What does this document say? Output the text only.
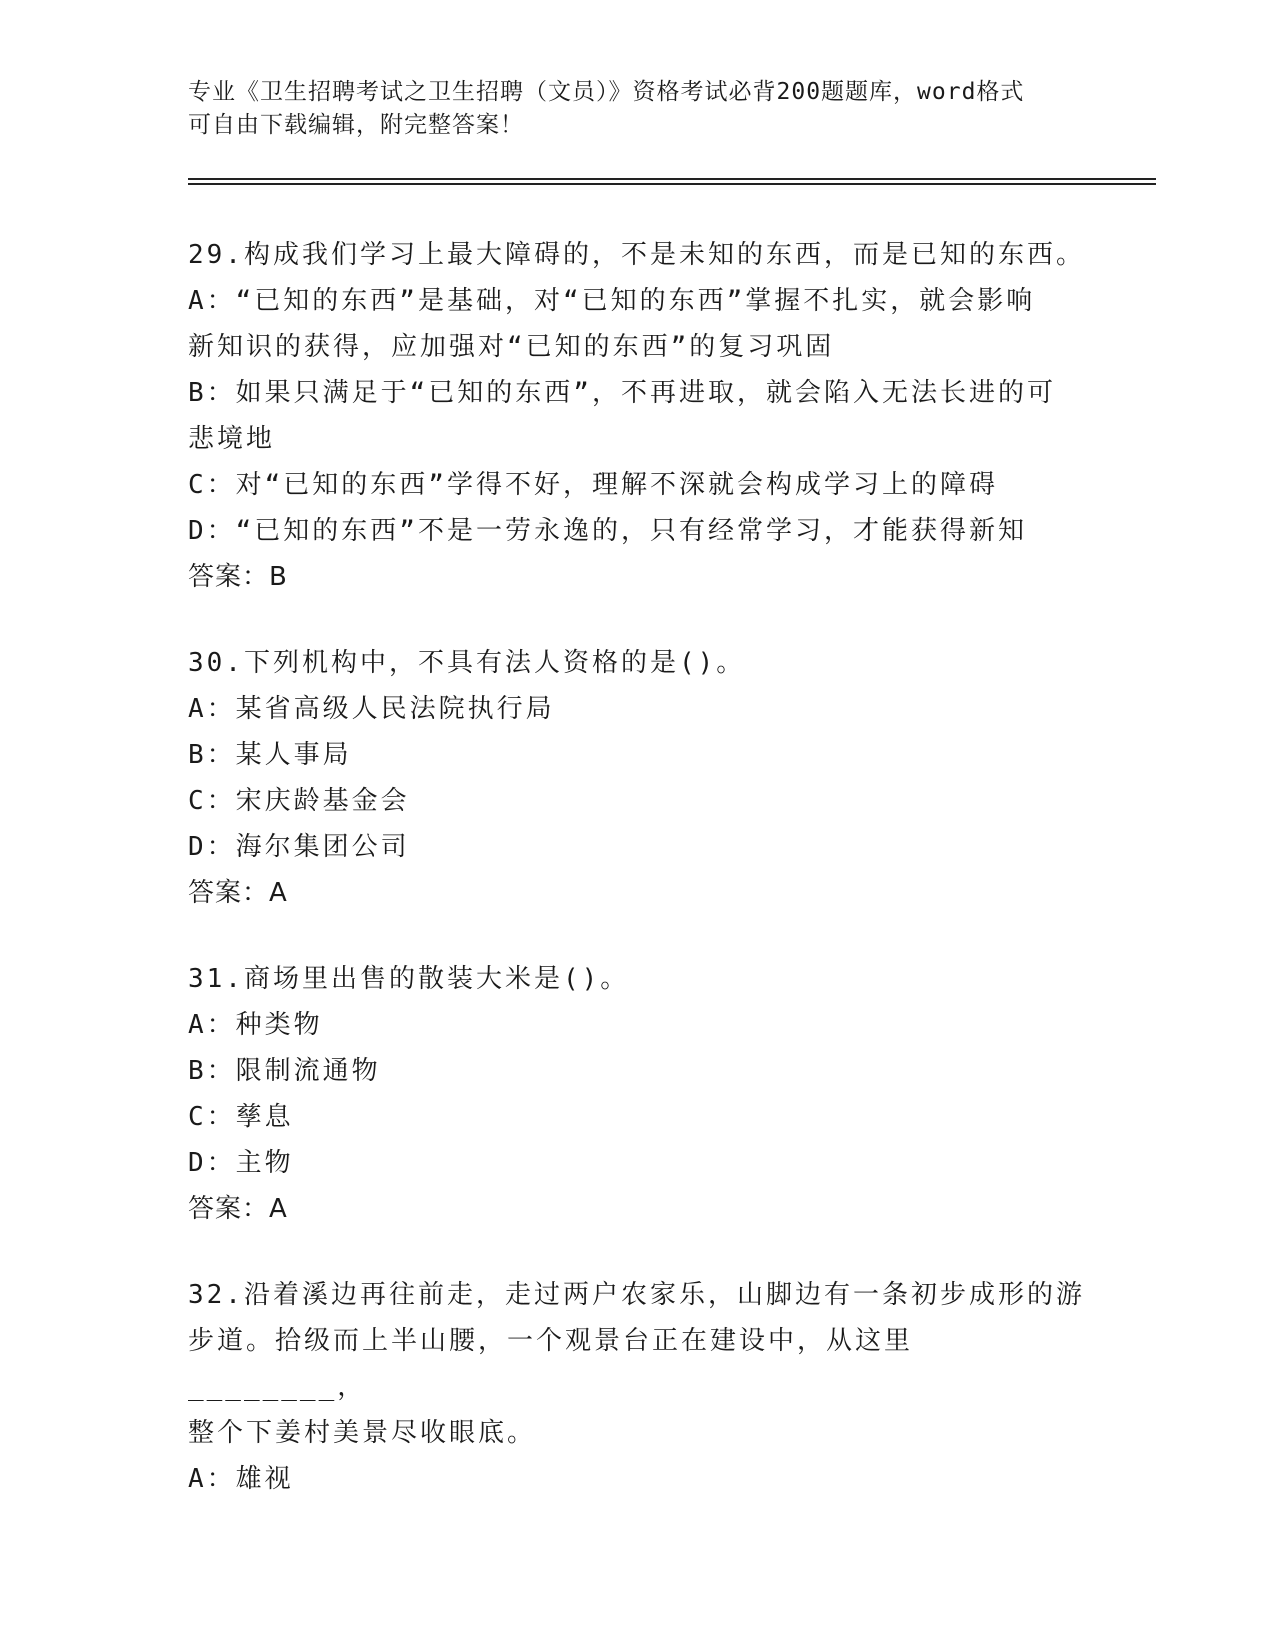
专业《卫生招聘考试之卫生招聘（文员）》资格考试必背200题题库，word格式
可自由下载编辑，附完整答案！
29.构成我们学习上最大障碍的，不是未知的东西，而是已知的东西。
A：“已知的东西”是基础，对“已知的东西”掌握不扎实，就会影响
新知识的获得，应加强对“已知的东西”的复习巩固
B：如果只满足于“已知的东西”，不再进取，就会陷入无法长进的可
悲境地
C：对“已知的东西”学得不好，理解不深就会构成学习上的障碍
D：“已知的东西”不是一劳永逸的，只有经常学习，才能获得新知
答案：B
30.下列机构中，不具有法人资格的是()。
A：某省高级人民法院执行局
B：某人事局
C：宋庆龄基金会
D：海尔集团公司
答案：A
31.商场里出售的散装大米是()。
A：种类物
B：限制流通物
C：孳息
D：主物
答案：A
32.沿着溪边再往前走，走过两户农家乐，山脚边有一条初步成形的游
步道。拾级而上半山腰，一个观景台正在建设中，从这里________，
整个下姜村美景尽收眼底。
A：雄视
